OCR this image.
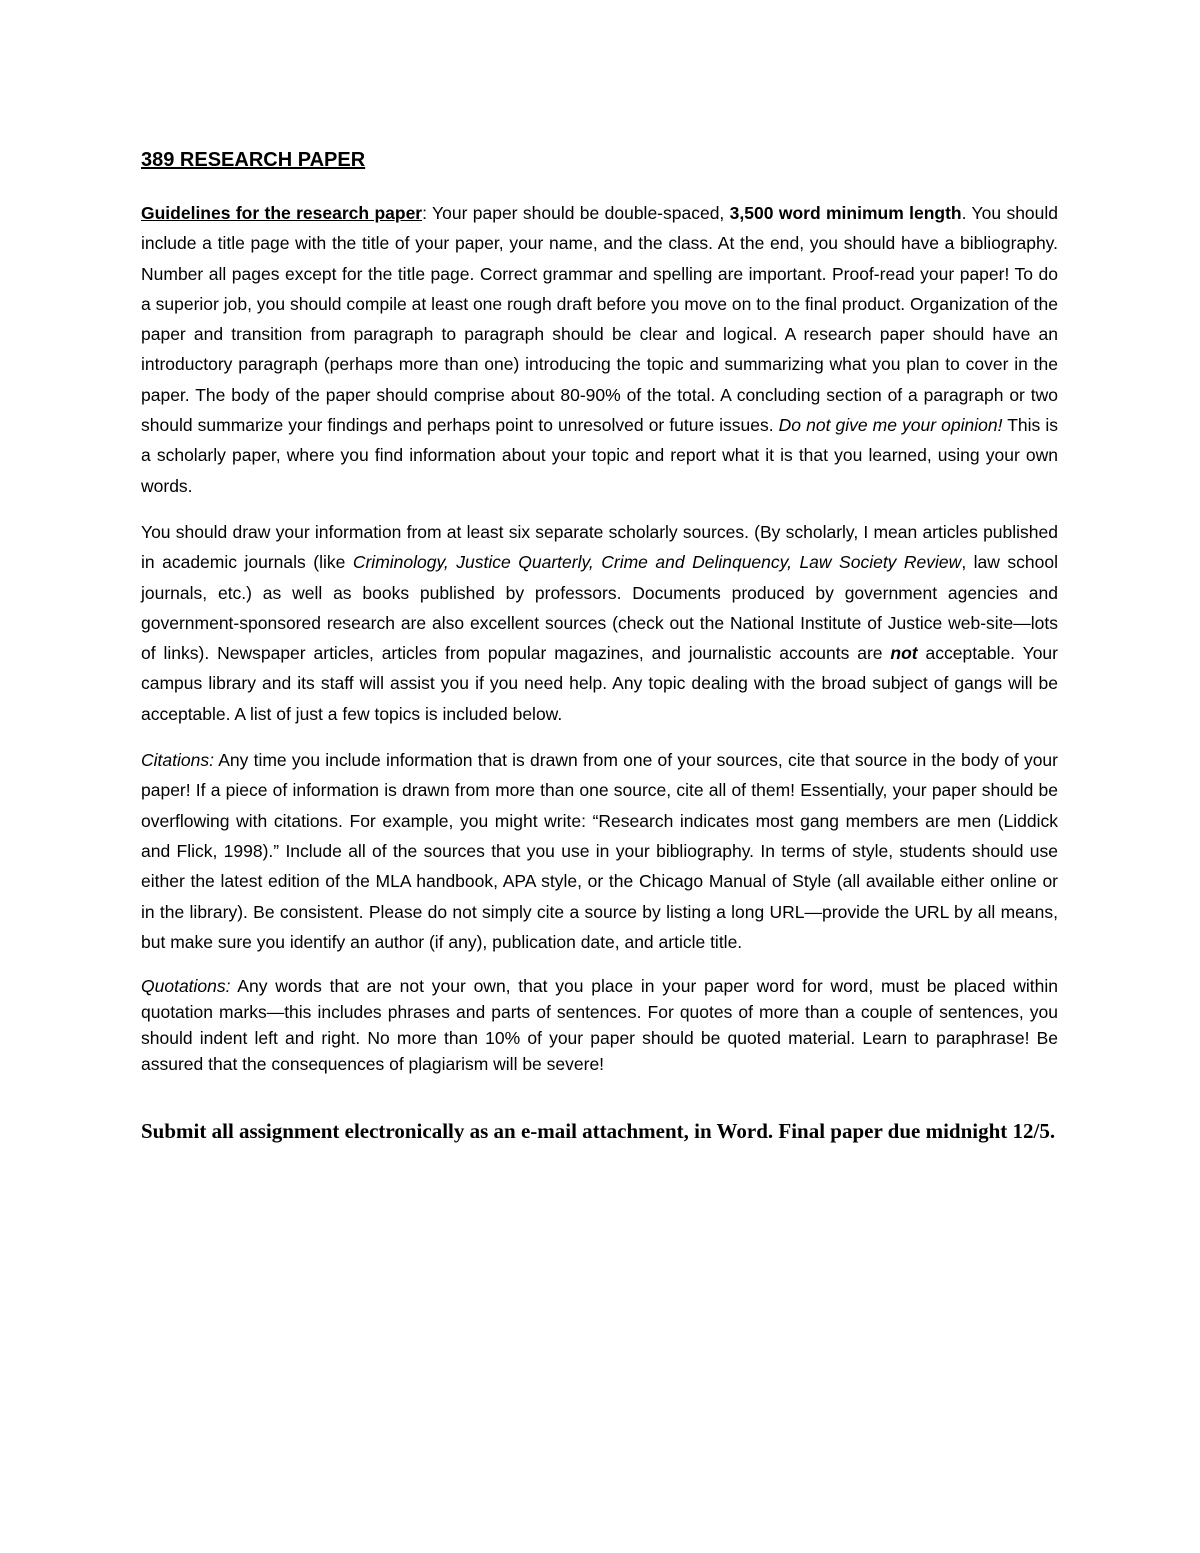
389 RESEARCH PAPER

Guidelines for the research paper: Your paper should be double-spaced, 3,500 word minimum length. You should include a title page with the title of your paper, your name, and the class. At the end, you should have a bibliography. Number all pages except for the title page. Correct grammar and spelling are important. Proof-read your paper! To do a superior job, you should compile at least one rough draft before you move on to the final product. Organization of the paper and transition from paragraph to paragraph should be clear and logical. A research paper should have an introductory paragraph (perhaps more than one) introducing the topic and summarizing what you plan to cover in the paper. The body of the paper should comprise about 80-90% of the total. A concluding section of a paragraph or two should summarize your findings and perhaps point to unresolved or future issues. Do not give me your opinion! This is a scholarly paper, where you find information about your topic and report what it is that you learned, using your own words.

You should draw your information from at least six separate scholarly sources. (By scholarly, I mean articles published in academic journals (like Criminology, Justice Quarterly, Crime and Delinquency, Law Society Review, law school journals, etc.) as well as books published by professors. Documents produced by government agencies and government-sponsored research are also excellent sources (check out the National Institute of Justice web-site—lots of links). Newspaper articles, articles from popular magazines, and journalistic accounts are not acceptable. Your campus library and its staff will assist you if you need help. Any topic dealing with the broad subject of gangs will be acceptable. A list of just a few topics is included below.

Citations: Any time you include information that is drawn from one of your sources, cite that source in the body of your paper! If a piece of information is drawn from more than one source, cite all of them! Essentially, your paper should be overflowing with citations. For example, you might write: “Research indicates most gang members are men (Liddick and Flick, 1998).” Include all of the sources that you use in your bibliography. In terms of style, students should use either the latest edition of the MLA handbook, APA style, or the Chicago Manual of Style (all available either online or in the library). Be consistent. Please do not simply cite a source by listing a long URL—provide the URL by all means, but make sure you identify an author (if any), publication date, and article title.

Quotations: Any words that are not your own, that you place in your paper word for word, must be placed within quotation marks—this includes phrases and parts of sentences. For quotes of more than a couple of sentences, you should indent left and right. No more than 10% of your paper should be quoted material. Learn to paraphrase! Be assured that the consequences of plagiarism will be severe!

Submit all assignment electronically as an e-mail attachment, in Word. Final paper due midnight 12/5.
